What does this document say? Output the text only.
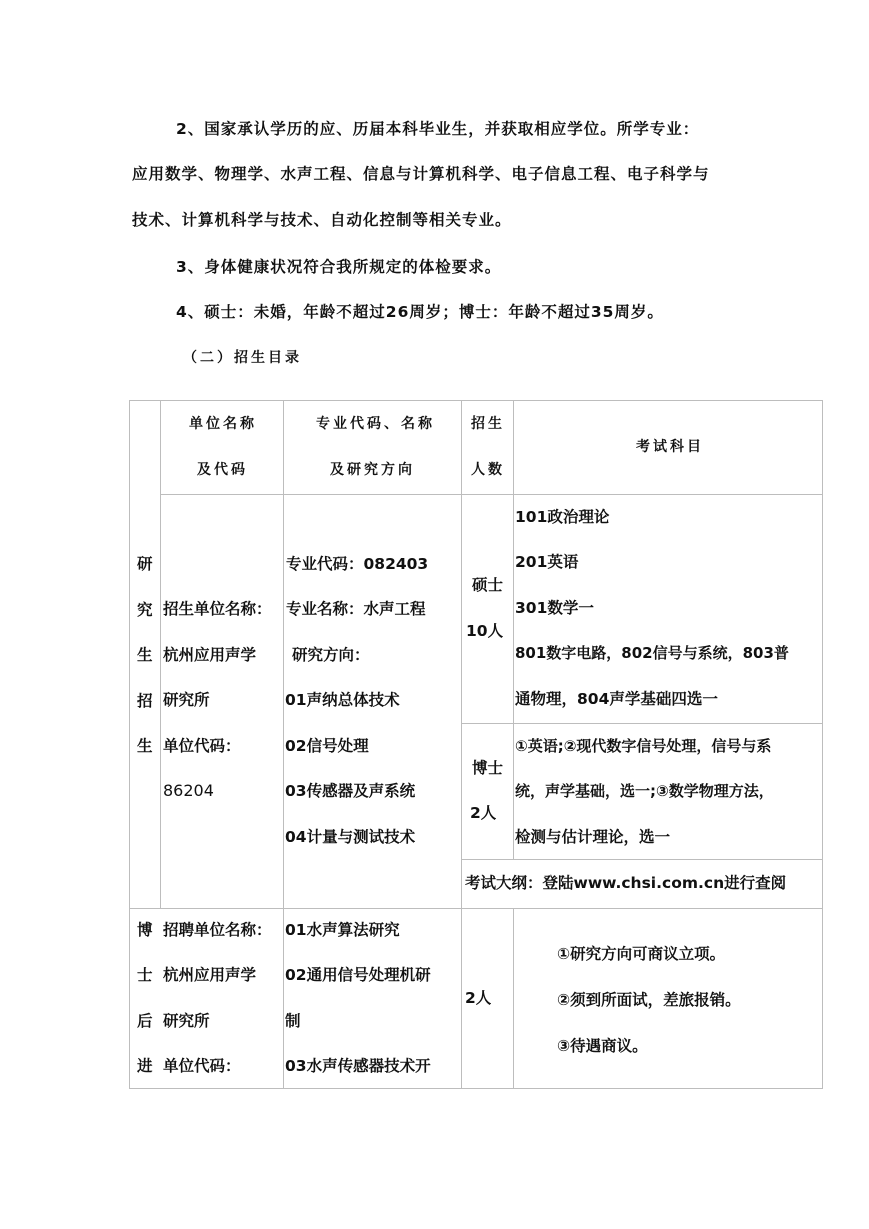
2、国家承认学历的应、历届本科毕业生，并获取相应学位。所学专业：
应用数学、物理学、水声工程、信息与计算机科学、电子信息工程、电子科学与
技术、计算机科学与技术、自动化控制等相关专业。
3、身体健康状况符合我所规定的体检要求。
4、硕士：未婚，年龄不超过26周岁；博士：年龄不超过35周岁。
（二）招生目录
单位名称
及代码
专业代码、名称
及研究方向
招生
人数
考试科目
研
究
生
招
生
招生单位名称：
杭州应用声学
研究所
单位代码：
86204
专业代码：082403
专业名称：水声工程
研究方向：
01声纳总体技术
02信号处理
03传感器及声系统
04计量与测试技术
硕士
10人
101政治理论
201英语
301数学一
801数字电路，802信号与系统，803普
通物理，804声学基础四选一
博士
2人
①英语;②现代数字信号处理，信号与系
统，声学基础，选一;③数学物理方法，
检测与估计理论，选一
考试大纲：登陆www.chsi.com.cn进行查阅
博
士
后
进
招聘单位名称：
杭州应用声学
研究所
单位代码：
01水声算法研究
02通用信号处理机研
制
03水声传感器技术开
2人
①研究方向可商议立项。
②须到所面试，差旅报销。
③待遇商议。
